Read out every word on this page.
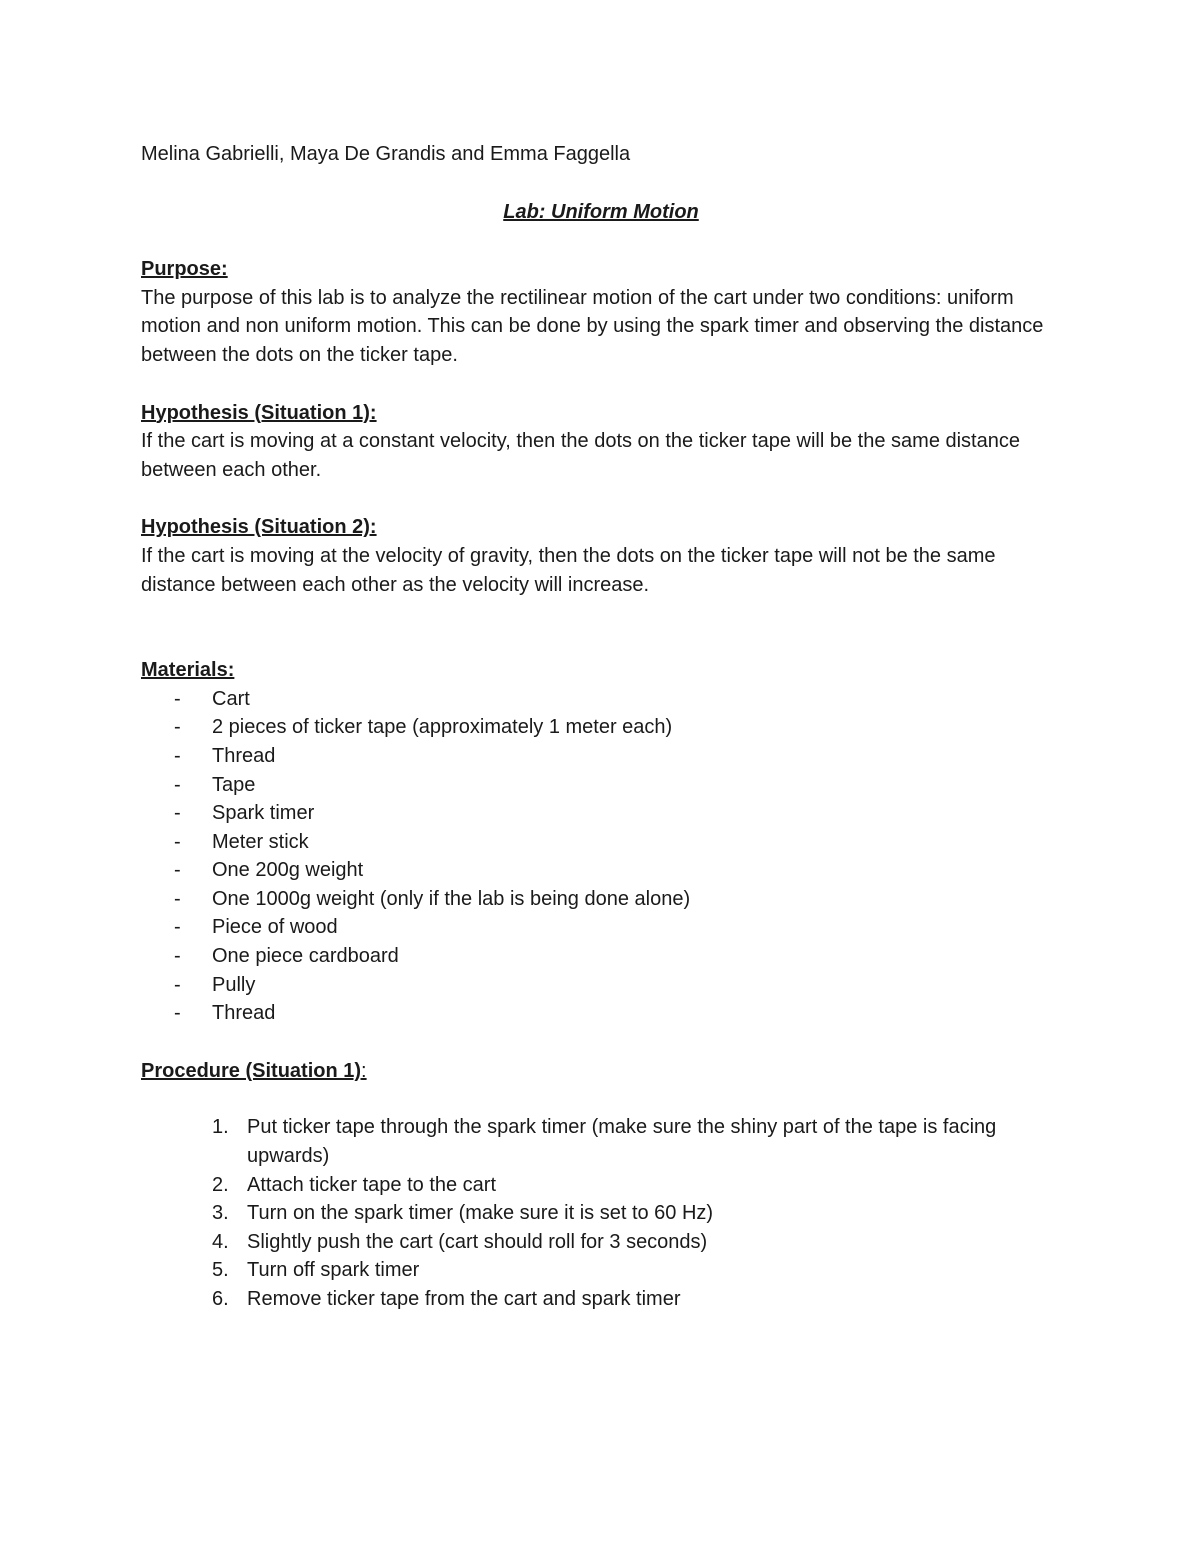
Melina Gabrielli, Maya De Grandis and Emma Faggella

Lab: Uniform Motion

Purpose:

The purpose of this lab is to analyze the rectilinear motion of the cart under two conditions: uniform motion and non uniform motion. This can be done by using the spark timer and observing the distance between the dots on the ticker tape.

Hypothesis (Situation 1):

If the cart is moving at a constant velocity, then the dots on the ticker tape will be the same distance between each other.

Hypothesis (Situation 2):

If the cart is moving at the velocity of gravity, then the dots on the ticker tape will not be the same distance between each other as the velocity will increase.

Materials:

- Cart
- 2 pieces of ticker tape (approximately 1 meter each)
- Thread
- Tape
- Spark timer
- Meter stick
- One 200g weight
- One 1000g weight (only if the lab is being done alone)
- Piece of wood
- One piece cardboard
- Pully
- Thread

Procedure (Situation 1):

1. Put ticker tape through the spark timer (make sure the shiny part of the tape is facing upwards)
2. Attach ticker tape to the cart
3. Turn on the spark timer (make sure it is set to 60 Hz)
4. Slightly push the cart (cart should roll for 3 seconds)
5. Turn off spark timer
6. Remove ticker tape from the cart and spark timer
